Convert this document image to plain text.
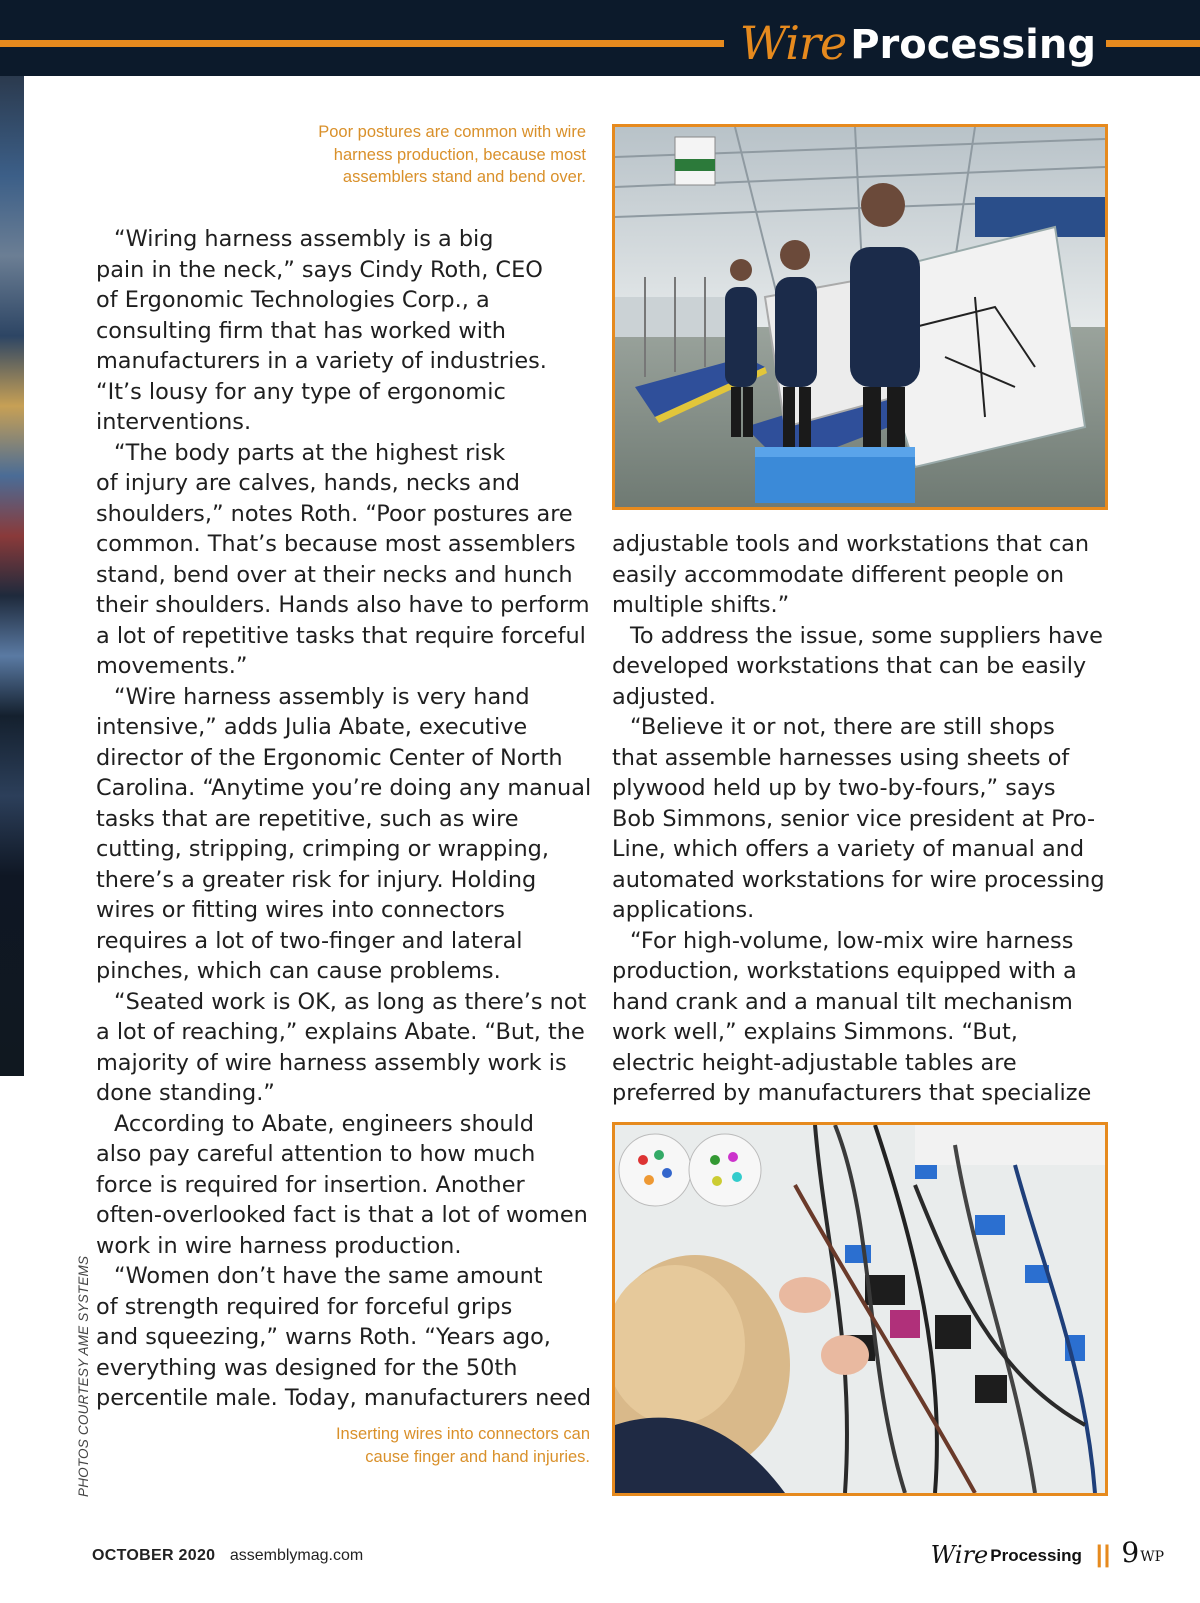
Wire Processing
Poor postures are common with wire
harness production, because most
assemblers stand and bend over.
“Wiring harness assembly is a big
pain in the neck,” says Cindy Roth, CEO
of Ergonomic Technologies Corp., a
consulting firm that has worked with
manufacturers in a variety of industries.
“It’s lousy for any type of ergonomic
interventions.
“The body parts at the highest risk
of injury are calves, hands, necks and
shoulders,” notes Roth. “Poor postures are
common. That’s because most assemblers
stand, bend over at their necks and hunch
their shoulders. Hands also have to perform
a lot of repetitive tasks that require forceful
movements.”
“Wire harness assembly is very hand
intensive,” adds Julia Abate, executive
director of the Ergonomic Center of North
Carolina. “Anytime you’re doing any manual
tasks that are repetitive, such as wire
cutting, stripping, crimping or wrapping,
there’s a greater risk for injury. Holding
wires or fitting wires into connectors
requires a lot of two-finger and lateral
pinches, which can cause problems.
“Seated work is OK, as long as there’s not
a lot of reaching,” explains Abate. “But, the
majority of wire harness assembly work is
done standing.”
According to Abate, engineers should
also pay careful attention to how much
force is required for insertion. Another
often-overlooked fact is that a lot of women
work in wire harness production.
“Women don’t have the same amount
of strength required for forceful grips
and squeezing,” warns Roth. “Years ago,
everything was designed for the 50th
percentile male. Today, manufacturers need
adjustable tools and workstations that can
easily accommodate different people on
multiple shifts.”
To address the issue, some suppliers have
developed workstations that can be easily
adjusted.
“Believe it or not, there are still shops
that assemble harnesses using sheets of
plywood held up by two-by-fours,” says
Bob Simmons, senior vice president at Pro-
Line, which offers a variety of manual and
automated workstations for wire processing
applications.
“For high-volume, low-mix wire harness
production, workstations equipped with a
hand crank and a manual tilt mechanism
work well,” explains Simmons. “But,
electric height-adjustable tables are
preferred by manufacturers that specialize
Inserting wires into connectors can
cause finger and hand injuries.
PHOTOS COURTESY AME SYSTEMS
OCTOBER 2020 assemblymag.com	Wire Processing || 9 WP
